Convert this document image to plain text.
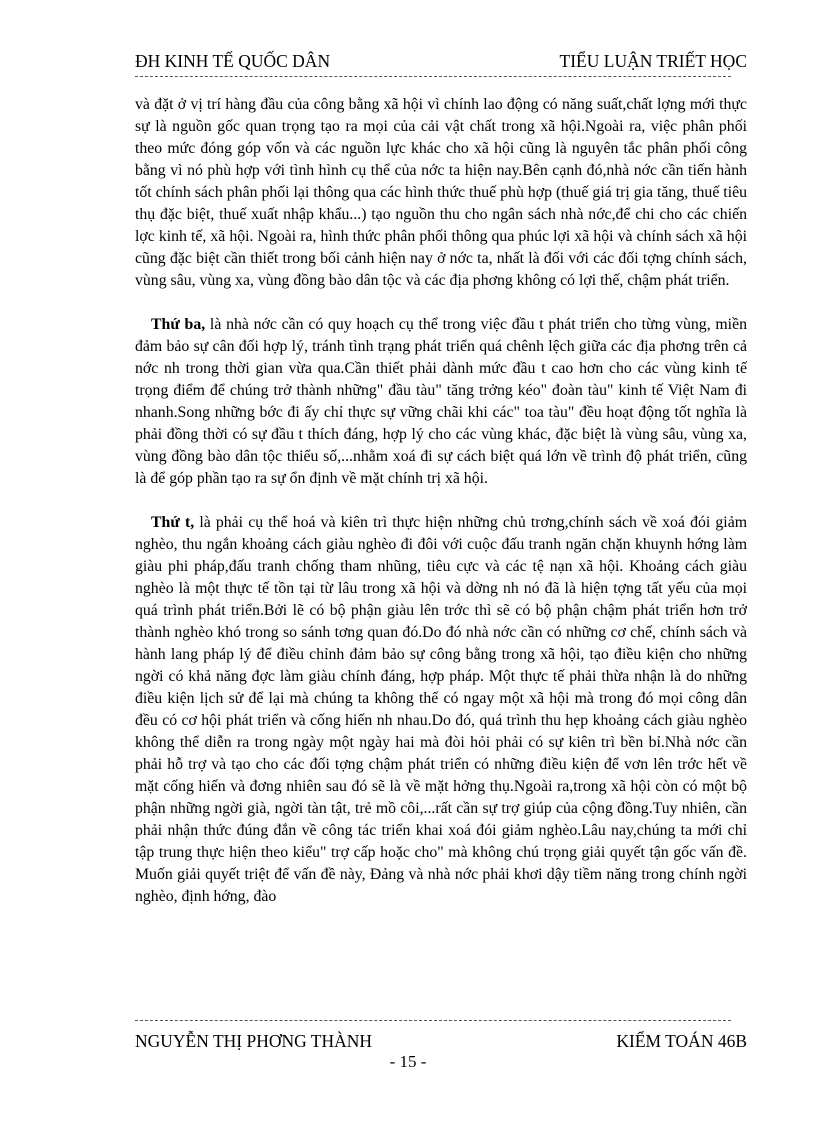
ĐH KINH TẾ QUỐC DÂN	TIỂU LUẬN TRIẾT HỌC

và đặt ở vị trí hàng đầu của công bằng xã hội vì chính lao động có năng suất,chất lợng mới thực sự là nguồn gốc quan trọng tạo ra mọi của cải vật chất trong xã hội.Ngoài ra, việc phân phối theo mức đóng góp vốn và các nguồn lực khác cho xã hội cũng là nguyên tắc phân phối công bằng vì nó phù hợp với tình hình cụ thể của nớc ta hiện nay.Bên cạnh đó,nhà nớc cần tiến hành tốt chính sách phân phối lại thông qua các hình thức thuế phù hợp (thuế giá trị gia tăng, thuế tiêu thụ đặc biệt, thuế xuất nhập khẩu...) tạo nguồn thu cho ngân sách nhà nớc,để chi cho các chiến lợc kinh tế, xã hội. Ngoài ra, hình thức phân phối thông qua phúc lợi xã hội và chính sách xã hội cũng đặc biệt cần thiết trong bối cảnh hiện nay ở nớc ta, nhất là đối với các đối tợng chính sách, vùng sâu, vùng xa, vùng đồng bào dân tộc và các địa phơng không có lợi thế, chậm phát triển.

Thứ ba, là nhà nớc cần có quy hoạch cụ thể trong việc đầu t phát triển cho từng vùng, miền đảm bảo sự cân đối hợp lý, tránh tình trạng phát triển quá chênh lệch giữa các địa phơng trên cả nớc nh trong thời gian vừa qua.Cần thiết phải dành mức đầu t cao hơn cho các vùng kinh tế trọng điểm để chúng trở thành những" đầu tàu" tăng trởng kéo" đoàn tàu" kinh tế Việt Nam đi nhanh.Song những bớc đi ấy chỉ thực sự vững chãi khi các" toa tàu" đều hoạt động tốt nghĩa là phải đồng thời có sự đầu t thích đáng, hợp lý cho các vùng khác, đặc biệt là vùng sâu, vùng xa, vùng đồng bào dân tộc thiểu số,...nhằm xoá đi sự cách biệt quá lớn về trình độ phát triển, cũng là để góp phần tạo ra sự ổn định về mặt chính trị xã hội.

Thứ t, là phải cụ thể hoá và kiên trì thực hiện những chủ trơng,chính sách về xoá đói giảm nghèo, thu ngắn khoảng cách giàu nghèo đi đôi với cuộc đấu tranh ngăn chặn khuynh hớng làm giàu phi pháp,đấu tranh chống tham nhũng, tiêu cực và các tệ nạn xã hội. Khoảng cách giàu nghèo là một thực tế tồn tại từ lâu trong xã hội và dờng nh nó đã là hiện tợng tất yếu của mọi quá trình phát triển.Bởi lẽ có bộ phận giàu lên trớc thì sẽ có bộ phận chậm phát triển hơn trở thành nghèo khó trong so sánh tơng quan đó.Do đó nhà nớc cần có những cơ chế, chính sách và hành lang pháp lý để điều chỉnh đảm bảo sự công bằng trong xã hội, tạo điều kiện cho những ngời có khả năng đợc làm giàu chính đáng, hợp pháp. Một thực tế phải thừa nhận là do những điều kiện lịch sử để lại mà chúng ta không thể có ngay một xã hội mà trong đó mọi công dân đều có cơ hội phát triển và cống hiến nh nhau.Do đó, quá trình thu hẹp khoảng cách giàu nghèo không thể diễn ra trong ngày một ngày hai mà đòi hỏi phải có sự kiên trì bền bỉ.Nhà nớc cần phải hỗ trợ và tạo cho các đối tợng chậm phát triển có những điều kiện để vơn lên trớc hết về mặt cống hiến và đơng nhiên sau đó sẽ là về mặt hởng thụ.Ngoài ra,trong xã hội còn có một bộ phận những ngời già, ngời tàn tật, trẻ mồ côi,...rất cần sự trợ giúp của cộng đồng.Tuy nhiên, cần phải nhận thức đúng đắn về công tác triển khai xoá đói giảm nghèo.Lâu nay,chúng ta mới chỉ tập trung thực hiện theo kiểu" trợ cấp hoặc cho" mà không chú trọng giải quyết tận gốc vấn đề. Muốn giải quyết triệt để vấn đề này, Đảng và nhà nớc phải khơi dậy tiềm năng trong chính ngời nghèo, định hớng, đào

NGUYỄN THỊ PHƠNG THÀNH	KIỂM TOÁN 46B
- 15 -
